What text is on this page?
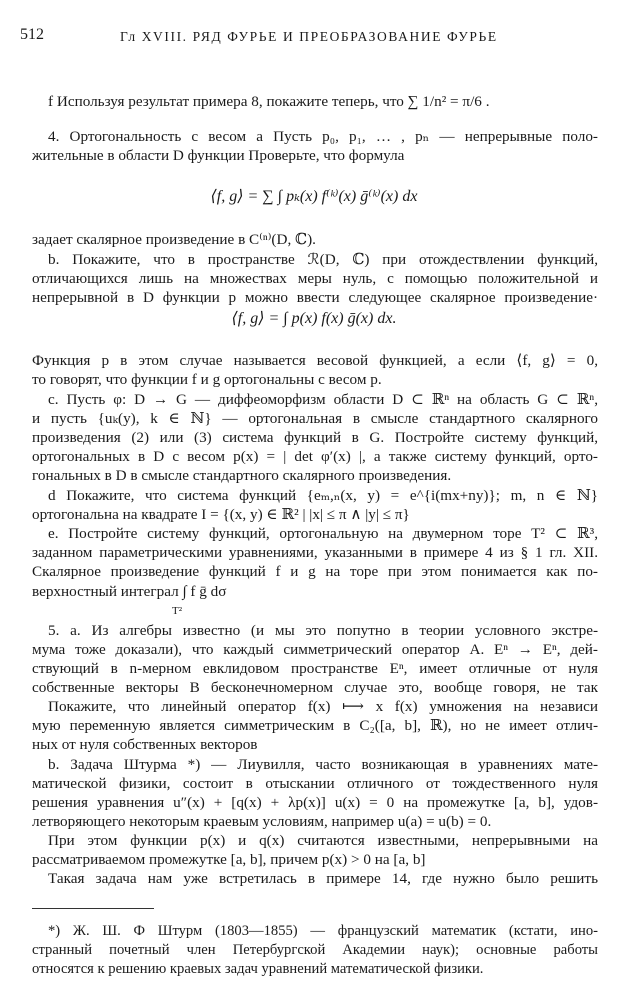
512	Гл XVIII. РЯД ФУРЬЕ И ПРЕОБРАЗОВАНИЕ ФУРЬЕ
f Используя результат примера 8, покажите теперь, что ∑ 1/n² = π/6 .
4. Ортогональность с весом а Пусть p₀, p₁, … , pₙ — непрерывные поло-
жительные в области D функции Проверьте, что формула
⟨f, g⟩ = ∑ ∫ pₖ(x) f⁽ᵏ⁾(x) ḡ⁽ᵏ⁾(x) dx
задает скалярное произведение в C⁽ⁿ⁾(D, ℂ).
b. Покажите, что в пространстве ℛ(D, ℂ) при отождествлении функций,
отличающихся лишь на множествах меры нуль, с помощью положительной и
непрерывной в D функции p можно ввести следующее скалярное произведение·
⟨f, g⟩ = ∫ p(x) f(x) ḡ(x) dx.
Функция p в этом случае называется весовой функцией, а если ⟨f, g⟩ = 0,
то говорят, что функции f и g ортогональны с весом p.
c. Пусть φ: D → G — диффеоморфизм области D ⊂ ℝⁿ на область G ⊂ ℝⁿ,
и пусть {uₖ(y), k ∈ ℕ} — ортогональная в смысле стандартного скалярного
произведения (2) или (3) система функций в G. Постройте систему функций,
ортогональных в D с весом p(x) = | det φ′(x) |, а также систему функций, орто-
гональных в D в смысле стандартного скалярного произведения.
d Покажите, что система функций {eₘ,ₙ(x, y) = e^{i(mx+ny)}; m, n ∈ ℕ}
ортогональна на квадрате I = {(x, y) ∈ ℝ² | |x| ≤ π ∧ |y| ≤ π}
e. Постройте систему функций, ортогональную на двумерном торе T² ⊂ ℝ³,
заданном параметрическими уравнениями, указанными в примере 4 из § 1 гл. XII.
Скалярное произведение функций f и g на торе при этом понимается как по-
верхностный интеграл ∫ f ḡ dσ
T²
5. а. Из алгебры известно (и мы это попутно в теории условного экстре-
мума тоже доказали), что каждый симметрический оператор A. Eⁿ → Eⁿ, дей-
ствующий в n-мерном евклидовом пространстве Eⁿ, имеет отличные от нуля
собственные векторы В бесконечномерном случае это, вообще говоря, не так
Покажите, что линейный оператор f(x) ⟼ x f(x) умножения на независи
мую переменную является симметрическим в C₂([a, b], ℝ), но не имеет отлич-
ных от нуля собственных векторов
b. Задача Штурма *) — Лиувилля, часто возникающая в уравнениях мате-
матической физики, состоит в отыскании отличного от тождественного нуля
решения уравнения u″(x) + [q(x) + λp(x)] u(x) = 0 на промежутке [a, b], удов-
летворяющего некоторым краевым условиям, например u(a) = u(b) = 0.
При этом функции p(x) и q(x) считаются известными, непрерывными на
рассматриваемом промежутке [a, b], причем p(x) > 0 на [a, b]
Такая задача нам уже встретилась в примере 14, где нужно было решить
*) Ж. Ш. Ф Штурм (1803—1855) — французский математик (кстати, ино-
странный почетный член Петербургской Академии наук); основные работы
относятся к решению краевых задач уравнений математической физики.
